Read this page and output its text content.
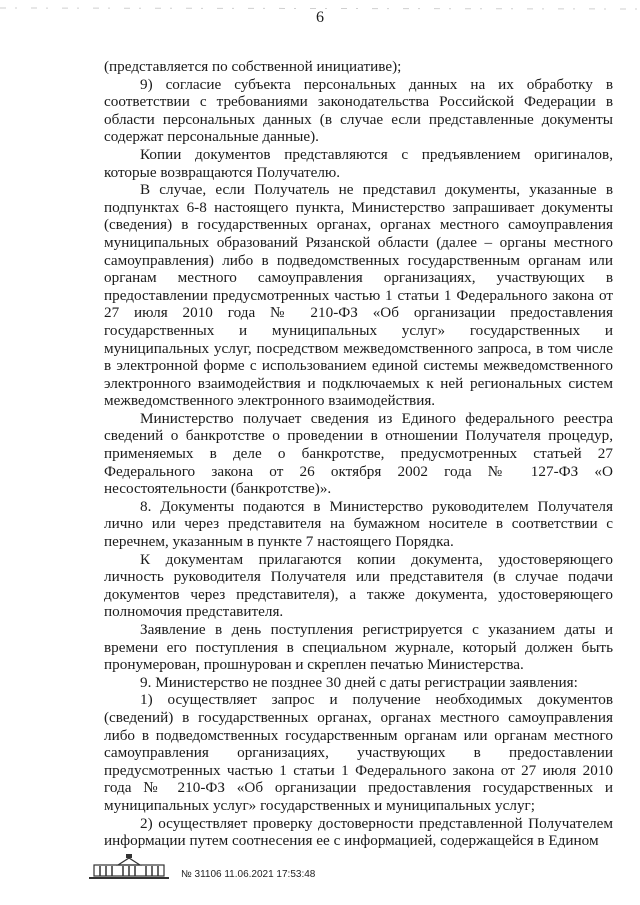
6

(представляется по собственной инициативе);

9) согласие субъекта персональных данных на их обработку в соответствии с требованиями законодательства Российской Федерации в области персональных данных (в случае если представленные документы содержат персональные данные).

Копии документов представляются с предъявлением оригиналов, которые возвращаются Получателю.

В случае, если Получатель не представил документы, указанные в подпунктах 6-8 настоящего пункта, Министерство запрашивает документы (сведения) в государственных органах, органах местного самоуправления муниципальных образований Рязанской области (далее – органы местного самоуправления) либо в подведомственных государственным органам или органам местного самоуправления организациях, участвующих в предоставлении предусмотренных частью 1 статьи 1 Федерального закона от 27 июля 2010 года № 210-ФЗ «Об организации предоставления государственных и муниципальных услуг» государственных и муниципальных услуг, посредством межведомственного запроса, в том числе в электронной форме с использованием единой системы межведомственного электронного взаимодействия и подключаемых к ней региональных систем межведомственного электронного взаимодействия.

Министерство получает сведения из Единого федерального реестра сведений о банкротстве о проведении в отношении Получателя процедур, применяемых в деле о банкротстве, предусмотренных статьей 27 Федерального закона от 26 октября 2002 года № 127-ФЗ «О несостоятельности (банкротстве)».

8. Документы подаются в Министерство руководителем Получателя лично или через представителя на бумажном носителе в соответствии с перечнем, указанным в пункте 7 настоящего Порядка.

К документам прилагаются копии документа, удостоверяющего личность руководителя Получателя или представителя (в случае подачи документов через представителя), а также документа, удостоверяющего полномочия представителя.

Заявление в день поступления регистрируется с указанием даты и времени его поступления в специальном журнале, который должен быть пронумерован, прошнурован и скреплен печатью Министерства.

9. Министерство не позднее 30 дней с даты регистрации заявления:

1) осуществляет запрос и получение необходимых документов (сведений) в государственных органах, органах местного самоуправления либо в подведомственных государственным органам или органам местного самоуправления организациях, участвующих в предоставлении предусмотренных частью 1 статьи 1 Федерального закона от 27 июля 2010 года № 210-ФЗ «Об организации предоставления государственных и муниципальных услуг» государственных и муниципальных услуг;

2) осуществляет проверку достоверности представленной Получателем информации путем соотнесения ее с информацией, содержащейся в Едином

№ 31106 11.06.2021 17:53:48
